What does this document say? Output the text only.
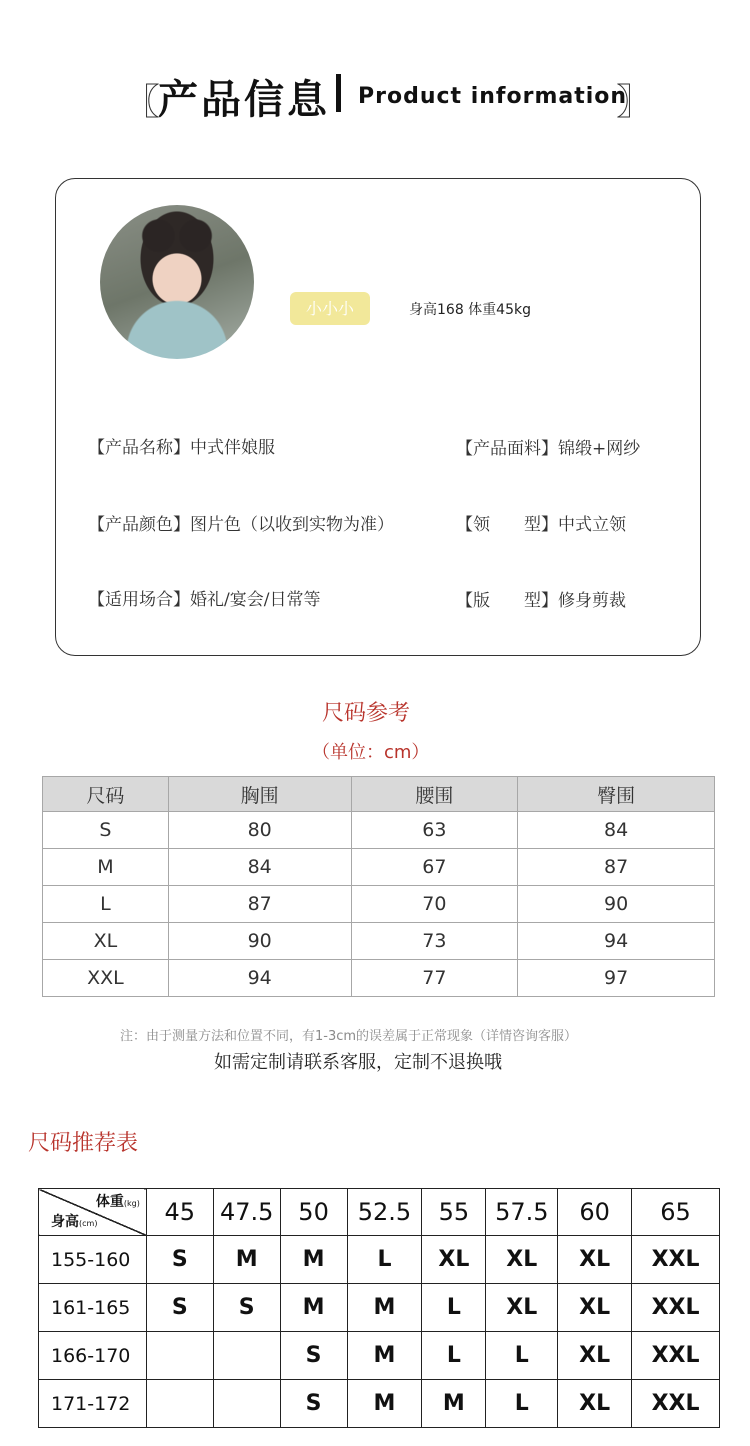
〖
产品信息 Product information
〗
小小小	身高168 体重45kg
【产品名称】中式伴娘服	【产品面料】锦缎+网纱
【产品颜色】图片色（以收到实物为准）	【领　　型】中式立领
【适用场合】婚礼/宴会/日常等	【版　　型】修身剪裁
尺码参考
（单位：cm）
尺码	胸围	腰围	臀围
S	80	63	84
M	84	67	87
L	87	70	90
XL	90	73	94
XXL	94	77	97
注：由于测量方法和位置不同，有1-3cm的误差属于正常现象（详情咨询客服）
如需定制请联系客服，定制不退换哦
尺码推荐表
体重(kg)
身高(cm)	45	47.5	50	52.5	55	57.5	60	65
155-160	S	M	M	L	XL	XL	XL	XXL
161-165	S	S	M	M	L	XL	XL	XXL
166-170			S	M	L	L	XL	XXL
171-172			S	M	M	L	XL	XXL
